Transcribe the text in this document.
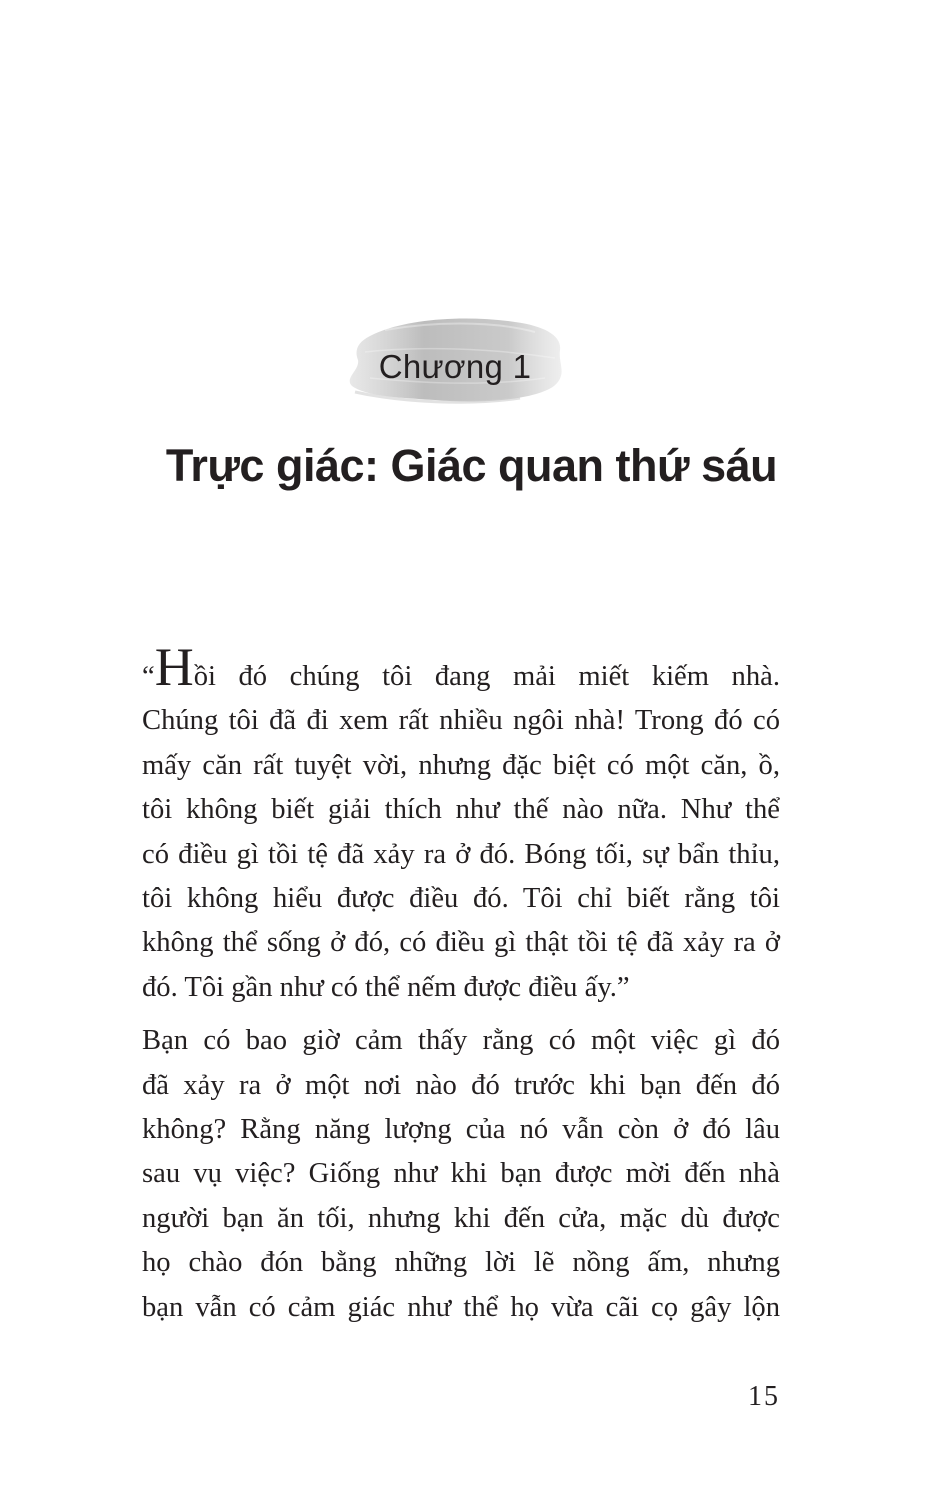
Chương 1
Trực giác: Giác quan thứ sáu
“Hồi đó chúng tôi đang mải miết kiếm nhà.
Chúng tôi đã đi xem rất nhiều ngôi nhà! Trong đó có
mấy căn rất tuyệt vời, nhưng đặc biệt có một căn, ồ,
tôi không biết giải thích như thế nào nữa. Như thể
có điều gì tồi tệ đã xảy ra ở đó. Bóng tối, sự bẩn thỉu,
tôi không hiểu được điều đó. Tôi chỉ biết rằng tôi
không thể sống ở đó, có điều gì thật tồi tệ đã xảy ra ở
đó. Tôi gần như có thể nếm được điều ấy.”
Bạn có bao giờ cảm thấy rằng có một việc gì đó
đã xảy ra ở một nơi nào đó trước khi bạn đến đó
không? Rằng năng lượng của nó vẫn còn ở đó lâu
sau vụ việc? Giống như khi bạn được mời đến nhà
người bạn ăn tối, nhưng khi đến cửa, mặc dù được
họ chào đón bằng những lời lẽ nồng ấm, nhưng
bạn vẫn có cảm giác như thể họ vừa cãi cọ gây lộn
15
